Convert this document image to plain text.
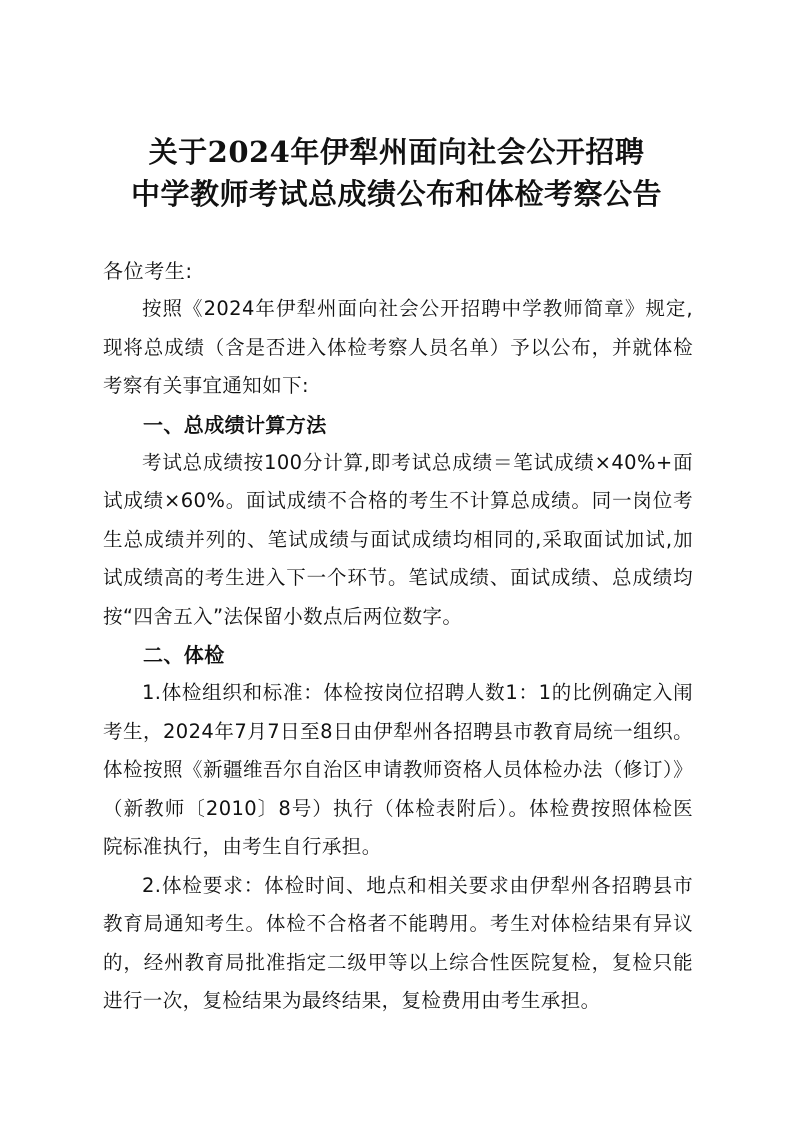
关于2024年伊犁州面向社会公开招聘
中学教师考试总成绩公布和体检考察公告
各位考生:

按照《2024年伊犁州面向社会公开招聘中学教师简章》规定,现将总成绩（含是否进入体检考察人员名单）予以公布，并就体检考察有关事宜通知如下:

一、总成绩计算方法

考试总成绩按100分计算,即考试总成绩＝笔试成绩×40%+面试成绩×60%。面试成绩不合格的考生不计算总成绩。同一岗位考生总成绩并列的、笔试成绩与面试成绩均相同的,采取面试加试,加试成绩高的考生进入下一个环节。笔试成绩、面试成绩、总成绩均按“四舍五入”法保留小数点后两位数字。

二、体检

1.体检组织和标准：体检按岗位招聘人数1：1的比例确定入闱考生，2024年7月7日至8日由伊犁州各招聘县市教育局统一组织。体检按照《新疆维吾尔自治区申请教师资格人员体检办法（修订）》（新教师〔2010〕8号）执行（体检表附后）。体检费按照体检医院标准执行，由考生自行承担。

2.体检要求：体检时间、地点和相关要求由伊犁州各招聘县市教育局通知考生。体检不合格者不能聘用。考生对体检结果有异议的，经州教育局批准指定二级甲等以上综合性医院复检，复检只能进行一次，复检结果为最终结果，复检费用由考生承担。
